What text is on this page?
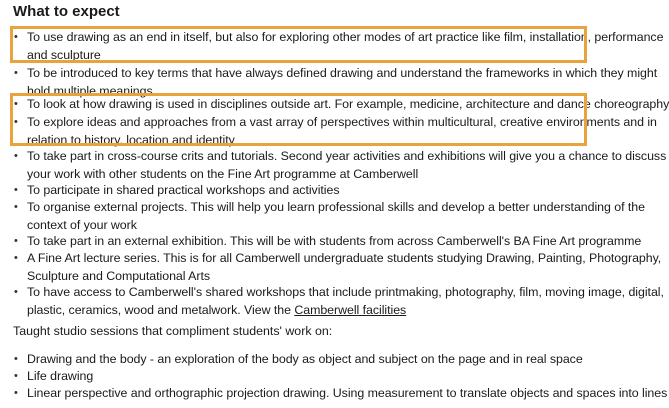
What to expect
• To use drawing as an end in itself, but also for exploring other modes of art practice like film, installation, performance
and sculpture
• To be introduced to key terms that have always defined drawing and understand the frameworks in which they might
hold multiple meanings
• To look at how drawing is used in disciplines outside art. For example, medicine, architecture and dance choreography
• To explore ideas and approaches from a vast array of perspectives within multicultural, creative environments and in
relation to history, location and identity
• To take part in cross-course crits and tutorials. Second year activities and exhibitions will give you a chance to discuss
your work with other students on the Fine Art programme at Camberwell
• To participate in shared practical workshops and activities
• To organise external projects. This will help you learn professional skills and develop a better understanding of the
context of your work
• To take part in an external exhibition. This will be with students from across Camberwell's BA Fine Art programme
• A Fine Art lecture series. This is for all Camberwell undergraduate students studying Drawing, Painting, Photography,
Sculpture and Computational Arts
• To have access to Camberwell's shared workshops that include printmaking, photography, film, moving image, digital,
plastic, ceramics, wood and metalwork. View the Camberwell facilities
Taught studio sessions that compliment students' work on:
• Drawing and the body - an exploration of the body as object and subject on the page and in real space
• Life drawing
• Linear perspective and orthographic projection drawing. Using measurement to translate objects and spaces into lines
